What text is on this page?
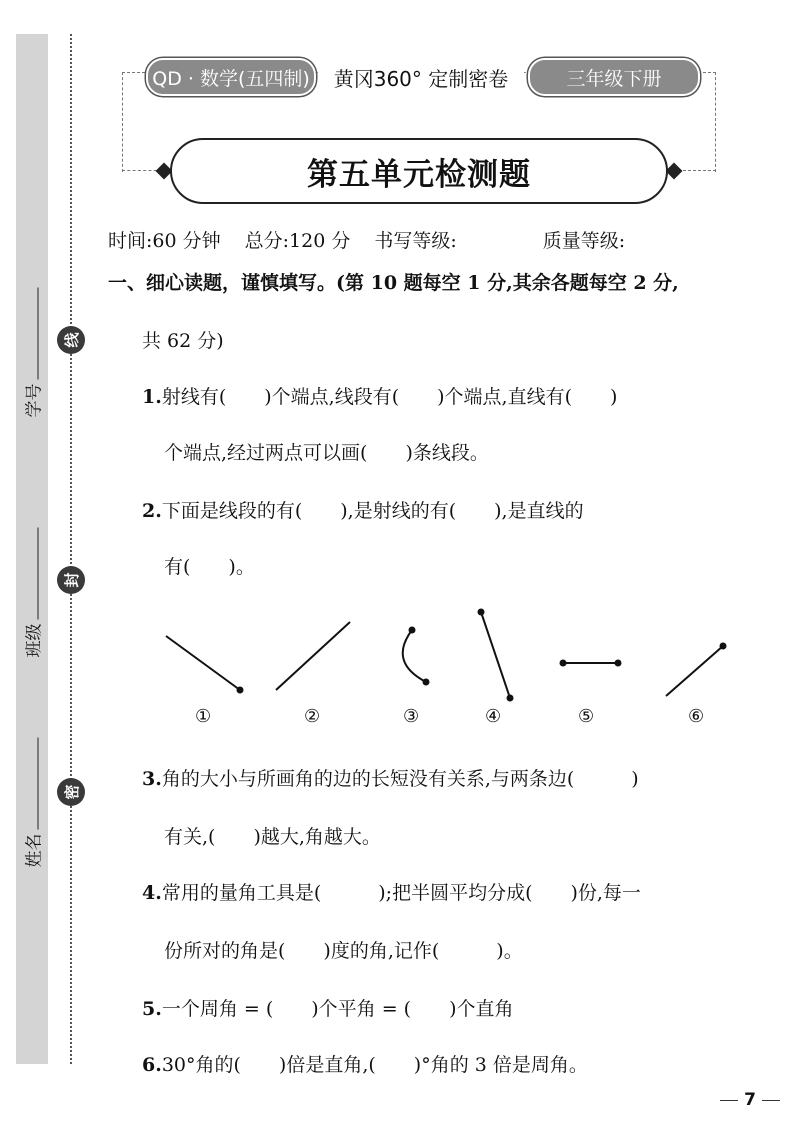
学号
班级
姓名
线
封
密
QD · 数学(五四制)	黄冈360° 定制密卷	三年级下册
第五单元检测题
时间:60 分钟 总分:120 分 书写等级:	质量等级:
一、细心读题，谨慎填写。(第 10 题每空 1 分,其余各题每空 2 分,
共 62 分)
1.射线有(　　)个端点,线段有(　　)个端点,直线有(　　)
个端点,经过两点可以画(　　)条线段。
2.下面是线段的有(　　),是射线的有(　　),是直线的
有(　　)。
①	②	③	④	⑤	⑥
3.角的大小与所画角的边的长短没有关系,与两条边(　　　)
有关,(　　)越大,角越大。
4.常用的量角工具是(　　　);把半圆平均分成(　　)份,每一
份所对的角是(　　)度的角,记作(　　　)。
5.一个周角 = (　　)个平角 = (　　)个直角
6.30°角的(　　)倍是直角,(　　)°角的 3 倍是周角。
7
